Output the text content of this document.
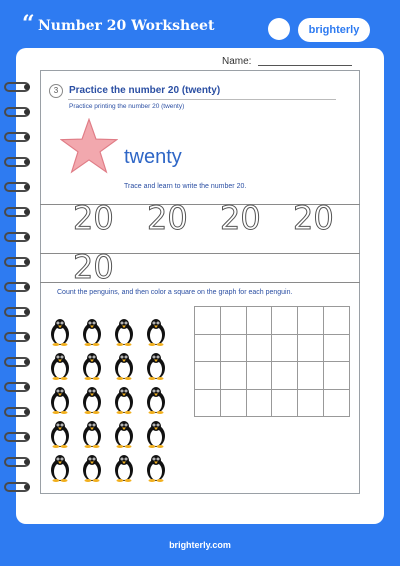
“ Number 20 Worksheet	brighterly
Name:
3	Practice the number 20 (twenty)
Practice printing the number 20 (twenty)
twenty
Trace and learn to write the number 20.
20 20 20 20
20
Count the penguins, and then color a square on the graph for each penguin.

brighterly.com
